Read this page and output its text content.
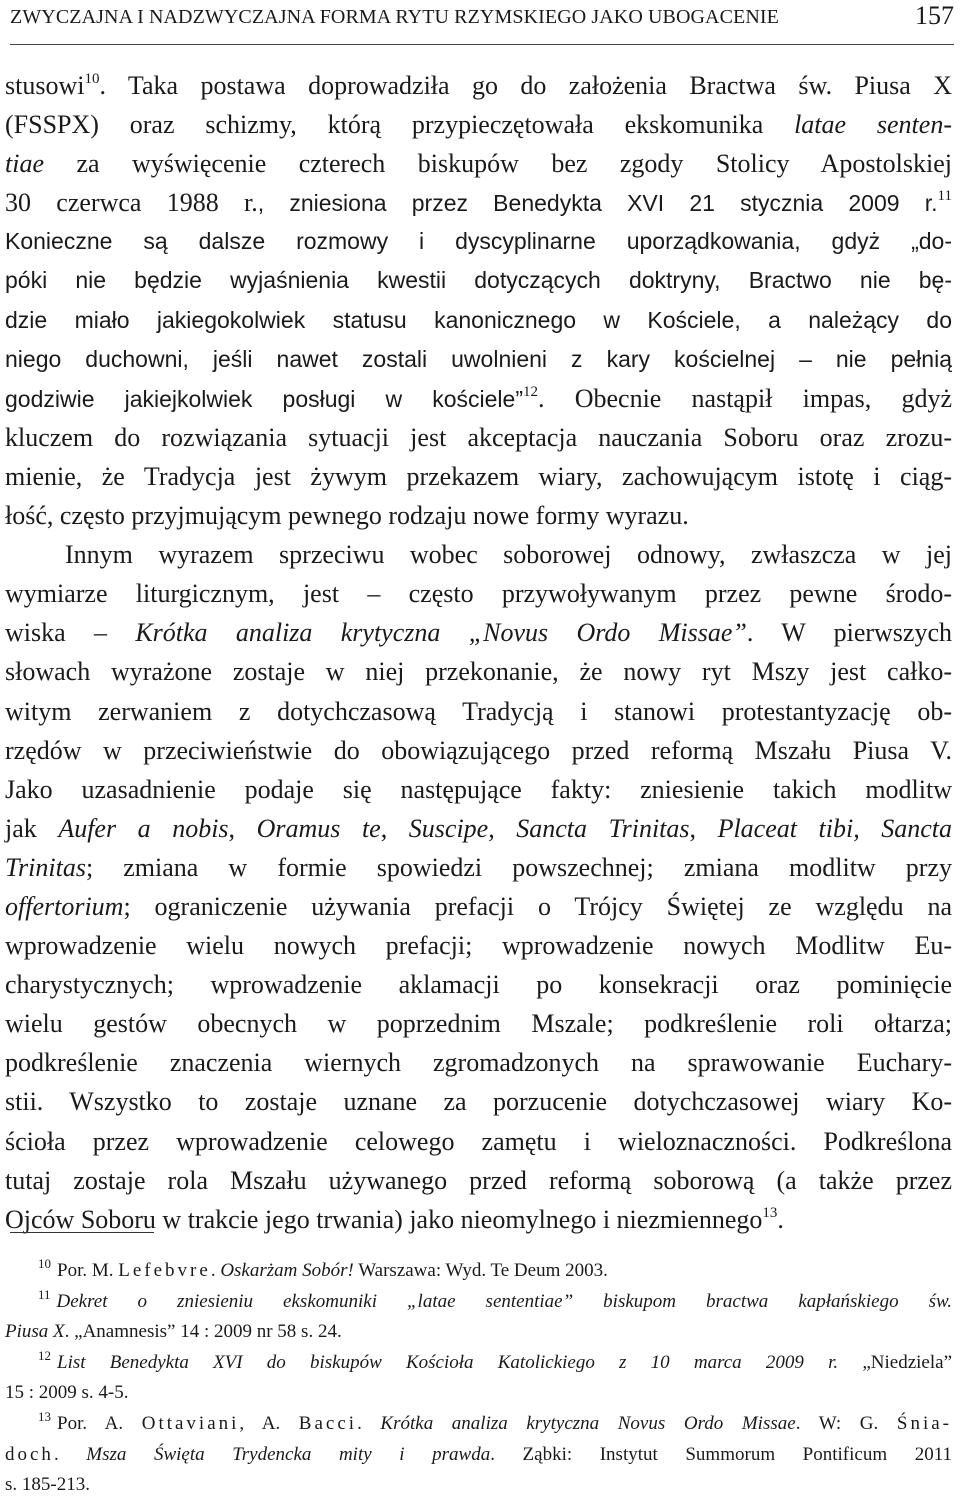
ZWYCZAJNA I NADZWYCZAJNA FORMA RYTU RZYMSKIEGO JAKO UBOGACENIE	157
stusowi$^{10}$. Taka postawa doprowadziła go do założenia Bractwa św. Piusa X
(FSSPX) oraz schizmy, którą przypieczętowała ekskomunika latae senten-
tiae za wyświęcenie czterech biskupów bez zgody Stolicy Apostolskiej
30 czerwca 1988 r., zniesiona przez Benedykta XVI 21 stycznia 2009 r.$^{11}$
Konieczne są dalsze rozmowy i dyscyplinarne uporządkowania, gdyż „do-
póki nie będzie wyjaśnienia kwestii dotyczących doktryny, Bractwo nie bę-
dzie miało jakiegokolwiek statusu kanonicznego w Kościele, a należący do
niego duchowni, jeśli nawet zostali uwolnieni z kary kościelnej – nie pełnią
godziwie jakiejkolwiek posługi w kościele”$^{12}$. Obecnie nastąpił impas, gdyż
kluczem do rozwiązania sytuacji jest akceptacja nauczania Soboru oraz zrozu-
mienie, że Tradycja jest żywym przekazem wiary, zachowującym istotę i ciąg-
łość, często przyjmującym pewnego rodzaju nowe formy wyrazu.
Innym wyrazem sprzeciwu wobec soborowej odnowy, zwłaszcza w jej
wymiarze liturgicznym, jest – często przywoływanym przez pewne środo-
wiska – Krótka analiza krytyczna „Novus Ordo Missae”. W pierwszych
słowach wyrażone zostaje w niej przekonanie, że nowy ryt Mszy jest całko-
witym zerwaniem z dotychczasową Tradycją i stanowi protestantyzację ob-
rzędów w przeciwieństwie do obowiązującego przed reformą Mszału Piusa V.
Jako uzasadnienie podaje się następujące fakty: zniesienie takich modlitw
jak Aufer a nobis, Oramus te, Suscipe, Sancta Trinitas, Placeat tibi, Sancta
Trinitas; zmiana w formie spowiedzi powszechnej; zmiana modlitw przy
offertorium; ograniczenie używania prefacji o Trójcy Świętej ze względu na
wprowadzenie wielu nowych prefacji; wprowadzenie nowych Modlitw Eu-
charystycznych; wprowadzenie aklamacji po konsekracji oraz pominięcie
wielu gestów obecnych w poprzednim Mszale; podkreślenie roli ołtarza;
podkreślenie znaczenia wiernych zgromadzonych na sprawowanie Euchary-
stii. Wszystko to zostaje uznane za porzucenie dotychczasowej wiary Ko-
ścioła przez wprowadzenie celowego zamętu i wieloznaczności. Podkreślona
tutaj zostaje rola Mszału używanego przed reformą soborową (a także przez
Ojców Soboru w trakcie jego trwania) jako nieomylnego i niezmiennego$^{13}$.
$^{10}$ Por. M. Lefebvre. Oskarżam Sobór! Warszawa: Wyd. Te Deum 2003.
$^{11}$ Dekret o zniesieniu ekskomuniki „latae sententiae” biskupom bractwa kapłańskiego św.
Piusa X. „Anamnesis” 14 : 2009 nr 58 s. 24.
$^{12}$ List Benedykta XVI do biskupów Kościoła Katolickiego z 10 marca 2009 r. „Niedziela”
15 : 2009 s. 4-5.
$^{13}$ Por. A. Ottaviani, A. Bacci. Krótka analiza krytyczna Novus Ordo Missae. W: G. Śnia-
doch. Msza Święta Trydencka mity i prawda. Ząbki: Instytut Summorum Pontificum 2011
s. 185-213.
